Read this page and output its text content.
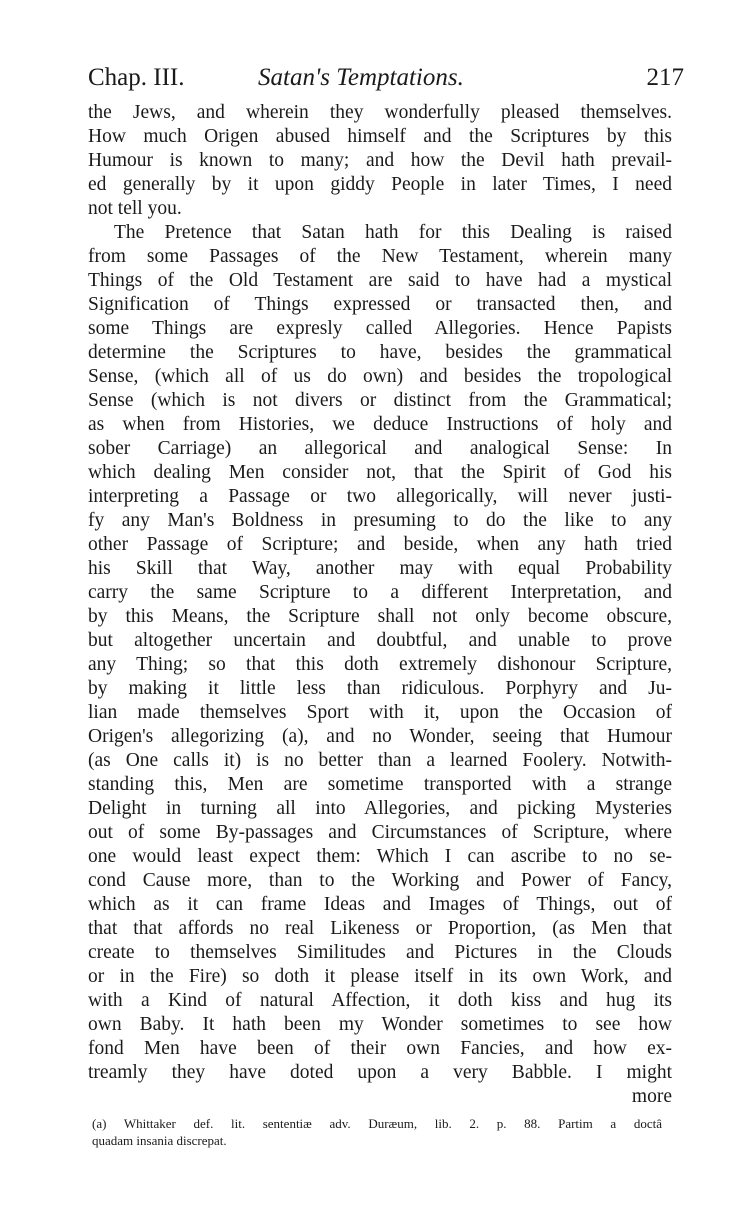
Chap. III.	Satan's Temptations.	217
the Jews, and wherein they wonderfully pleased themselves.
How much Origen abused himself and the Scriptures by this
Humour is known to many; and how the Devil hath prevail-
ed generally by it upon giddy People in later Times, I need
not tell you.
The Pretence that Satan hath for this Dealing is raised
from some Passages of the New Testament, wherein many
Things of the Old Testament are said to have had a mystical
Signification of Things expressed or transacted then, and
some Things are expresly called Allegories. Hence Papists
determine the Scriptures to have, besides the grammatical
Sense, (which all of us do own) and besides the tropological
Sense (which is not divers or distinct from the Grammatical;
as when from Histories, we deduce Instructions of holy and
sober Carriage) an allegorical and analogical Sense: In
which dealing Men consider not, that the Spirit of God his
interpreting a Passage or two allegorically, will never justi-
fy any Man's Boldness in presuming to do the like to any
other Passage of Scripture; and beside, when any hath tried
his Skill that Way, another may with equal Probability
carry the same Scripture to a different Interpretation, and
by this Means, the Scripture shall not only become obscure,
but altogether uncertain and doubtful, and unable to prove
any Thing; so that this doth extremely dishonour Scripture,
by making it little less than ridiculous. Porphyry and Ju-
lian made themselves Sport with it, upon the Occasion of
Origen's allegorizing (a), and no Wonder, seeing that Humour
(as One calls it) is no better than a learned Foolery. Notwith-
standing this, Men are sometime transported with a strange
Delight in turning all into Allegories, and picking Mysteries
out of some By-passages and Circumstances of Scripture, where
one would least expect them: Which I can ascribe to no se-
cond Cause more, than to the Working and Power of Fancy,
which as it can frame Ideas and Images of Things, out of
that that affords no real Likeness or Proportion, (as Men that
create to themselves Similitudes and Pictures in the Clouds
or in the Fire) so doth it please itself in its own Work, and
with a Kind of natural Affection, it doth kiss and hug its
own Baby. It hath been my Wonder sometimes to see how
fond Men have been of their own Fancies, and how ex-
treamly they have doted upon a very Babble. I might
more
(a) Whittaker def. lit. sententiæ adv. Duræum, lib. 2. p. 88. Partim a doctâ
quadam insania discrepat.
